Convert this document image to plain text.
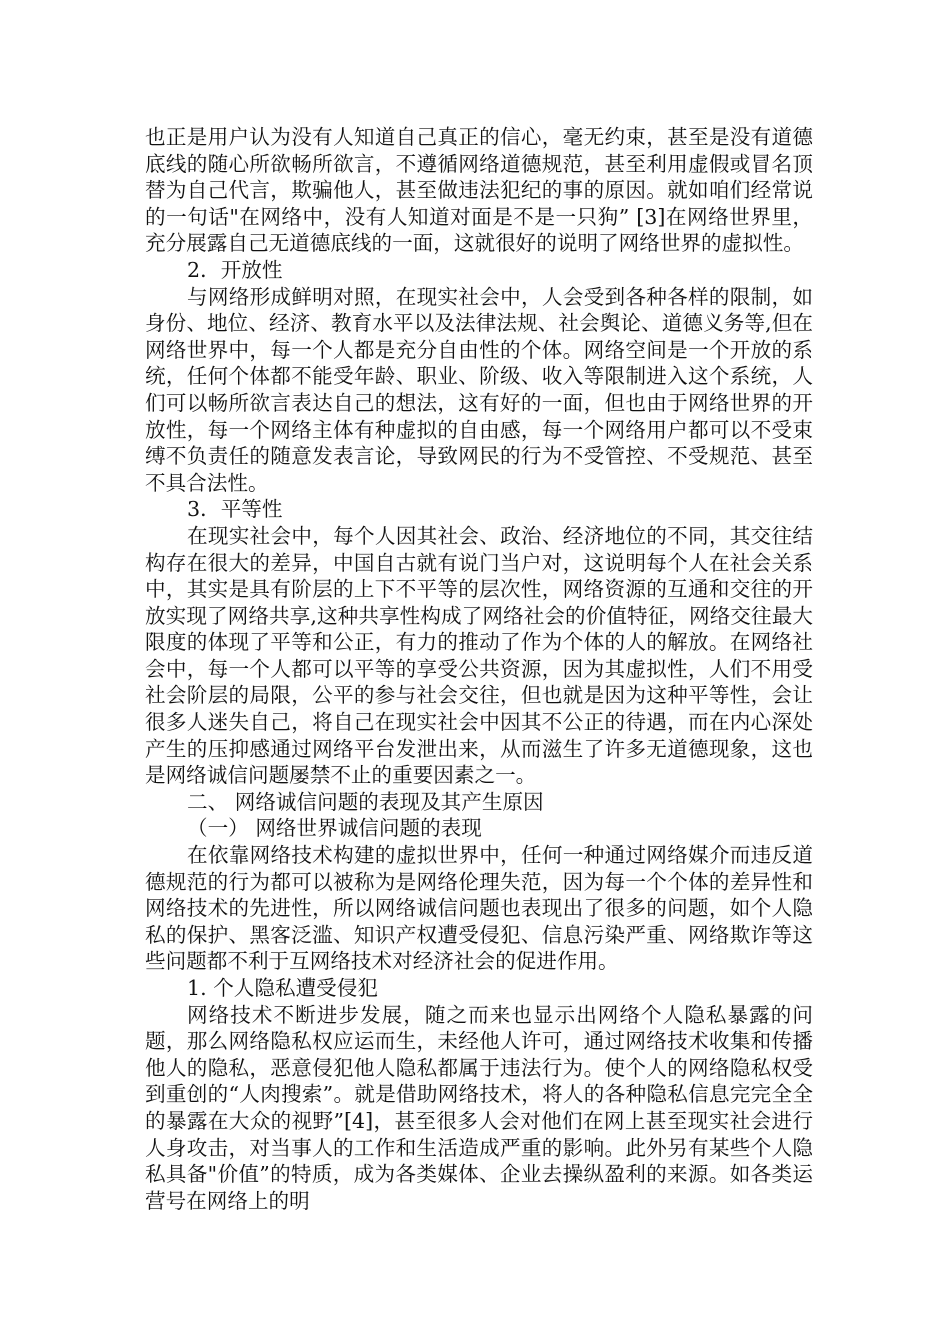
也正是用户认为没有人知道自己真正的信心，毫无约束，甚至是没有道德底线的随心所欲畅所欲言，不遵循网络道德规范，甚至利用虚假或冒名顶替为自己代言，欺骗他人，甚至做违法犯纪的事的原因。就如咱们经常说的一句话"在网络中，没有人知道对面是不是一只狗” [3]在网络世界里，充分展露自己无道德底线的一面，这就很好的说明了网络世界的虚拟性。

2．开放性

与网络形成鲜明对照，在现实社会中，人会受到各种各样的限制，如身份、地位、经济、教育水平以及法律法规、社会舆论、道德义务等,但在网络世界中，每一个人都是充分自由性的个体。网络空间是一个开放的系统，任何个体都不能受年龄、职业、阶级、收入等限制进入这个系统，人们可以畅所欲言表达自己的想法，这有好的一面，但也由于网络世界的开放性，每一个网络主体有种虚拟的自由感，每一个网络用户都可以不受束缚不负责任的随意发表言论，导致网民的行为不受管控、不受规范、甚至不具合法性。

3．平等性

在现实社会中，每个人因其社会、政治、经济地位的不同，其交往结构存在很大的差异，中国自古就有说门当户对，这说明每个人在社会关系中，其实是具有阶层的上下不平等的层次性，网络资源的互通和交往的开放实现了网络共享,这种共享性构成了网络社会的价值特征，网络交往最大限度的体现了平等和公正，有力的推动了作为个体的人的解放。在网络社会中，每一个人都可以平等的享受公共资源，因为其虚拟性，人们不用受社会阶层的局限，公平的参与社会交往，但也就是因为这种平等性，会让很多人迷失自己，将自己在现实社会中因其不公正的待遇，而在内心深处产生的压抑感通过网络平台发泄出来，从而滋生了许多无道德现象，这也是网络诚信问题屡禁不止的重要因素之一。

二、 网络诚信问题的表现及其产生原因

（一） 网络世界诚信问题的表现

在依靠网络技术构建的虚拟世界中，任何一种通过网络媒介而违反道德规范的行为都可以被称为是网络伦理失范，因为每一个个体的差异性和网络技术的先进性，所以网络诚信问题也表现出了很多的问题，如个人隐私的保护、黑客泛滥、知识产权遭受侵犯、信息污染严重、网络欺诈等这些问题都不利于互网络技术对经济社会的促进作用。

1. 个人隐私遭受侵犯

网络技术不断进步发展，随之而来也显示出网络个人隐私暴露的问题，那么网络隐私权应运而生，未经他人许可，通过网络技术收集和传播他人的隐私，恶意侵犯他人隐私都属于违法行为。使个人的网络隐私权受到重创的“人肉搜索”。就是借助网络技术，将人的各种隐私信息完完全全的暴露在大众的视野”[4]，甚至很多人会对他们在网上甚至现实社会进行人身攻击，对当事人的工作和生活造成严重的影响。此外另有某些个人隐私具备"价值”的特质，成为各类媒体、企业去操纵盈利的来源。如各类运营号在网络上的明
